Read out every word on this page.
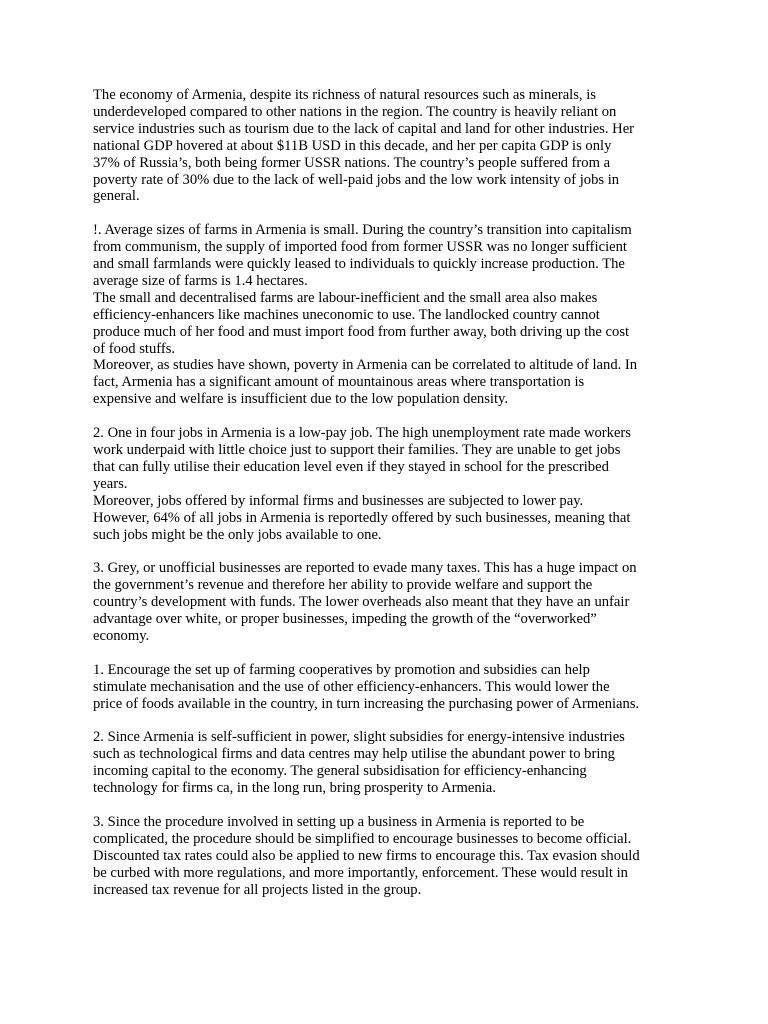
The economy of Armenia, despite its richness of natural resources such as minerals, is
underdeveloped compared to other nations in the region. The country is heavily reliant on
service industries such as tourism due to the lack of capital and land for other industries. Her
national GDP hovered at about $11B USD in this decade, and her per capita GDP is only
37% of Russia’s, both being former USSR nations. The country’s people suffered from a
poverty rate of 30% due to the lack of well-paid jobs and the low work intensity of jobs in
general.
!. Average sizes of farms in Armenia is small. During the country’s transition into capitalism
from communism, the supply of imported food from former USSR was no longer sufficient
and small farmlands were quickly leased to individuals to quickly increase production. The
average size of farms is 1.4 hectares.
The small and decentralised farms are labour-inefficient and the small area also makes
efficiency-enhancers like machines uneconomic to use. The landlocked country cannot
produce much of her food and must import food from further away, both driving up the cost
of food stuffs.
Moreover, as studies have shown, poverty in Armenia can be correlated to altitude of land. In
fact, Armenia has a significant amount of mountainous areas where transportation is
expensive and welfare is insufficient due to the low population density.
2. One in four jobs in Armenia is a low-pay job. The high unemployment rate made workers
work underpaid with little choice just to support their families. They are unable to get jobs
that can fully utilise their education level even if they stayed in school for the prescribed
years.
Moreover, jobs offered by informal firms and businesses are subjected to lower pay.
However, 64% of all jobs in Armenia is reportedly offered by such businesses, meaning that
such jobs might be the only jobs available to one.
3. Grey, or unofficial businesses are reported to evade many taxes. This has a huge impact on
the government’s revenue and therefore her ability to provide welfare and support the
country’s development with funds. The lower overheads also meant that they have an unfair
advantage over white, or proper businesses, impeding the growth of the “overworked”
economy.
1. Encourage the set up of farming cooperatives by promotion and subsidies can help
stimulate mechanisation and the use of other efficiency-enhancers. This would lower the
price of foods available in the country, in turn increasing the purchasing power of Armenians.
2. Since Armenia is self-sufficient in power, slight subsidies for energy-intensive industries
such as technological firms and data centres may help utilise the abundant power to bring
incoming capital to the economy. The general subsidisation for efficiency-enhancing
technology for firms ca, in the long run, bring prosperity to Armenia.
3. Since the procedure involved in setting up a business in Armenia is reported to be
complicated, the procedure should be simplified to encourage businesses to become official.
Discounted tax rates could also be applied to new firms to encourage this. Tax evasion should
be curbed with more regulations, and more importantly, enforcement. These would result in
increased tax revenue for all projects listed in the group.
